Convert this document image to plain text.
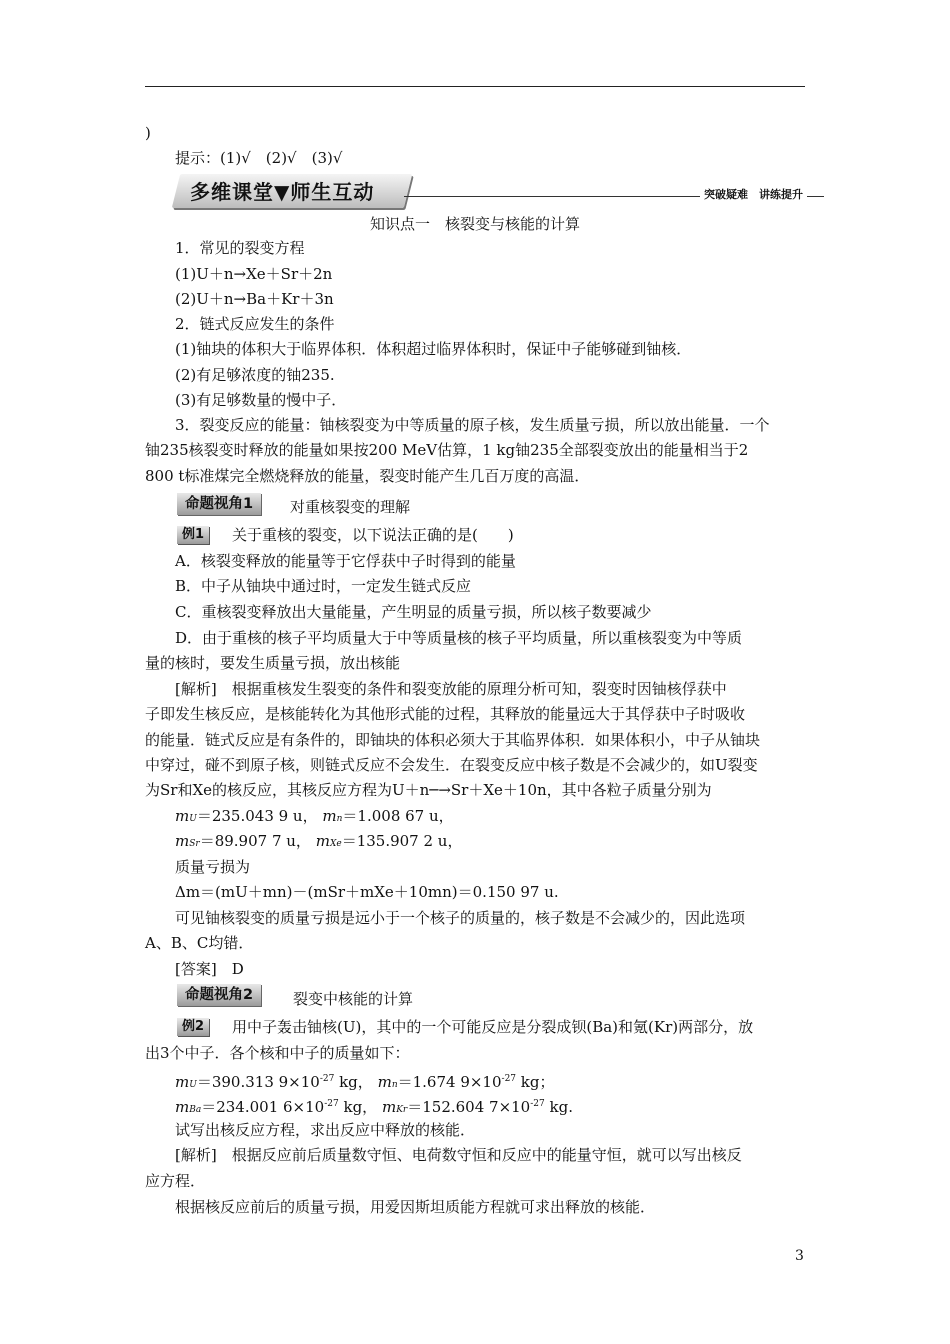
)
提示：(1)√　(2)√　(3)√
多维课堂▼师生互动	突破疑难　讲练提升
知识点一　核裂变与核能的计算
1．常见的裂变方程
(1)U＋n→Xe＋Sr＋2n
(2)U＋n→Ba＋Kr＋3n
2．链式反应发生的条件
(1)铀块的体积大于临界体积．体积超过临界体积时，保证中子能够碰到铀核．
(2)有足够浓度的铀235.
(3)有足够数量的慢中子．
3．裂变反应的能量：铀核裂变为中等质量的原子核，发生质量亏损，所以放出能量．一个
铀235核裂变时释放的能量如果按200 MeV估算，1 kg铀235全部裂变放出的能量相当于2
800 t标准煤完全燃烧释放的能量，裂变时能产生几百万度的高温．
命题视角1	对重核裂变的理解
例1	关于重核的裂变，以下说法正确的是(　　)
A．核裂变释放的能量等于它俘获中子时得到的能量
B．中子从铀块中通过时，一定发生链式反应
C．重核裂变释放出大量能量，产生明显的质量亏损，所以核子数要减少
D．由于重核的核子平均质量大于中等质量核的核子平均质量，所以重核裂变为中等质
量的核时，要发生质量亏损，放出核能
[解析]　根据重核发生裂变的条件和裂变放能的原理分析可知，裂变时因铀核俘获中
子即发生核反应，是核能转化为其他形式能的过程，其释放的能量远大于其俘获中子时吸收
的能量．链式反应是有条件的，即铀块的体积必须大于其临界体积．如果体积小，中子从铀块
中穿过，碰不到原子核，则链式反应不会发生．在裂变反应中核子数是不会减少的，如U裂变
为Sr和Xe的核反应，其核反应方程为U＋n─→Sr＋Xe＋10n，其中各粒子质量分别为
mU＝235.043 9 u， mn＝1.008 67 u，
mSr＝89.907 7 u， mXe＝135.907 2 u，
质量亏损为
Δm＝(mU＋mn)－(mSr＋mXe＋10mn)＝0.150 97 u.
可见铀核裂变的质量亏损是远小于一个核子的质量的，核子数是不会减少的，因此选项
A、B、C均错．
[答案]　D
命题视角2	裂变中核能的计算
例2	用中子轰击铀核(U)，其中的一个可能反应是分裂成钡(Ba)和氪(Kr)两部分，放
出3个中子．各个核和中子的质量如下：
mU＝390.313 $9\times 10^{-27}$ kg， mn＝1.674 $9\times 10^{-27}$ kg；
mBa＝234.001 $6\times 10^{-27}$ kg， mKr＝152.604 $7\times 10^{-27}$ kg.
试写出核反应方程，求出反应中释放的核能．
[解析]　根据反应前后质量数守恒、电荷数守恒和反应中的能量守恒，就可以写出核反
应方程．
根据核反应前后的质量亏损，用爱因斯坦质能方程就可求出释放的核能．
3
